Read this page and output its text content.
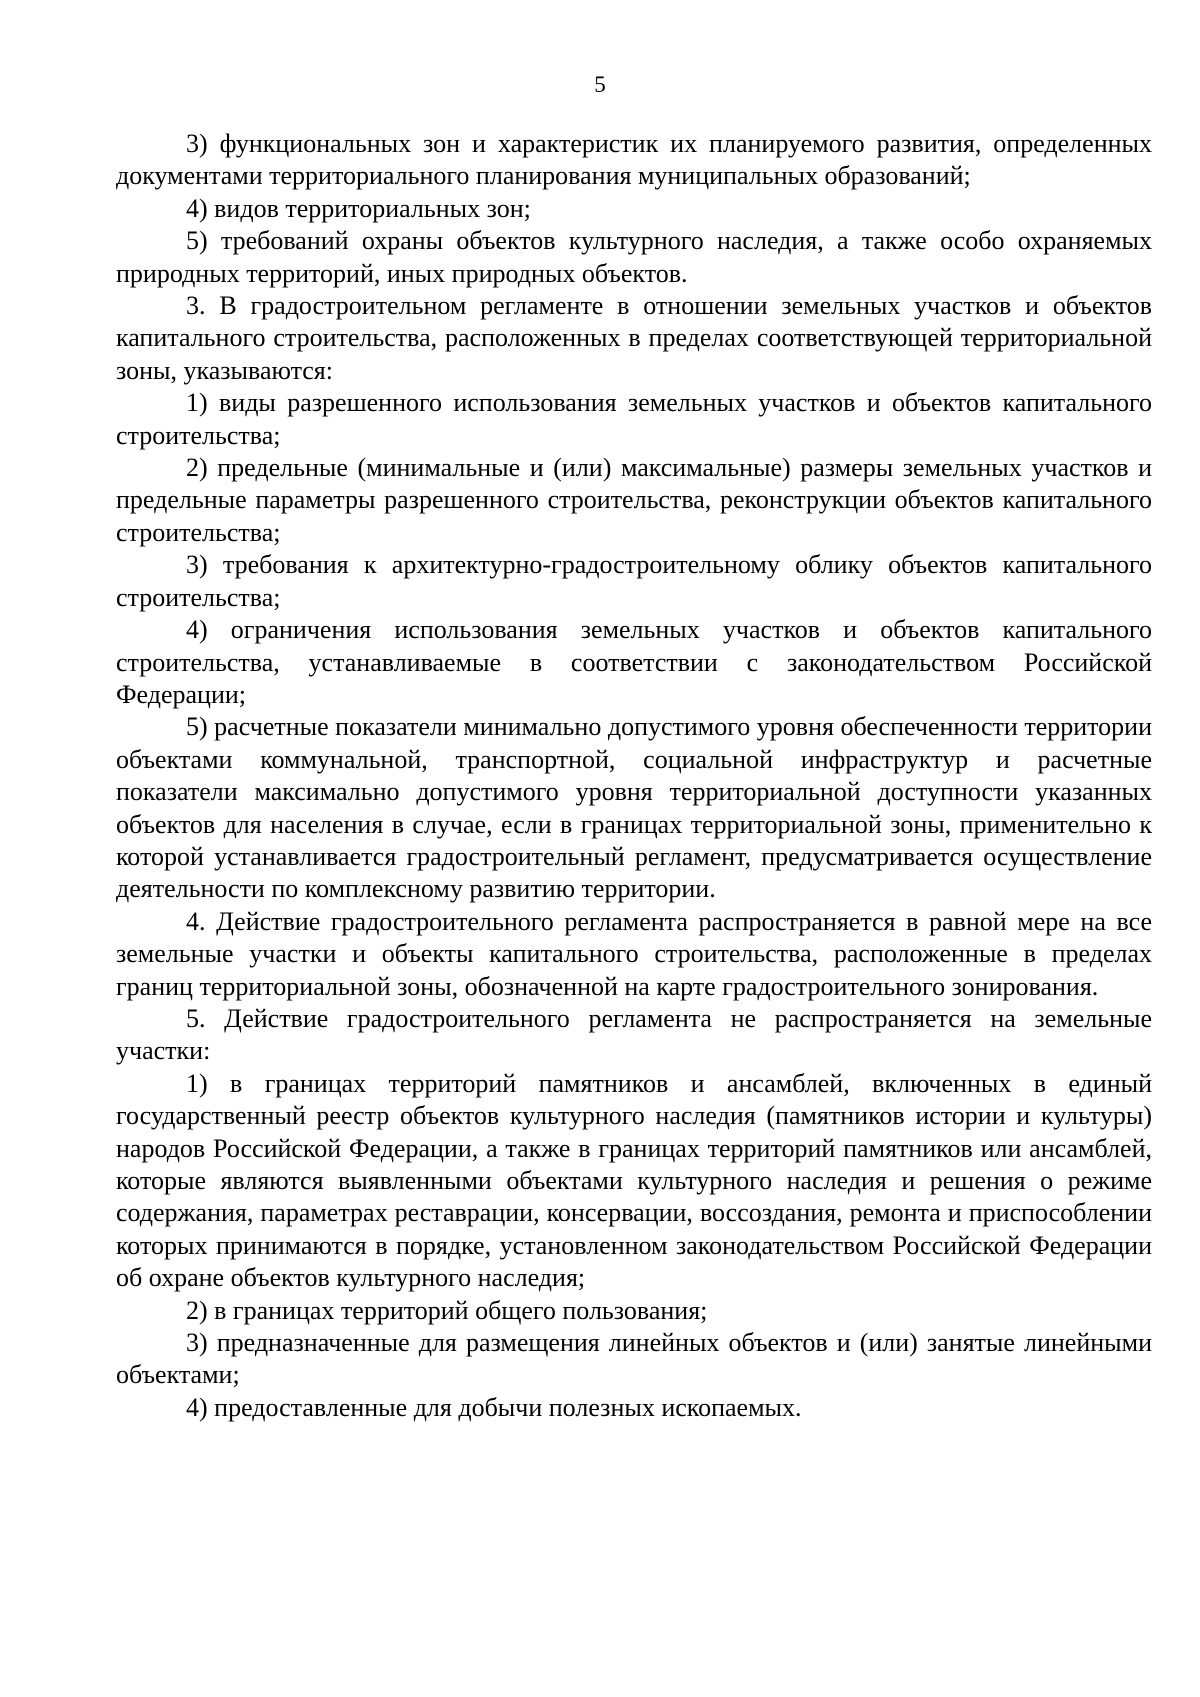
5

3) функциональных зон и характеристик их планируемого развития, определенных документами территориального планирования муниципальных образований;

4) видов территориальных зон;

5) требований охраны объектов культурного наследия, а также особо охраняемых природных территорий, иных природных объектов.

3. В градостроительном регламенте в отношении земельных участков и объектов капитального строительства, расположенных в пределах соответствующей территориальной зоны, указываются:

1) виды разрешенного использования земельных участков и объектов капитального строительства;

2) предельные (минимальные и (или) максимальные) размеры земельных участков и предельные параметры разрешенного строительства, реконструкции объектов капитального строительства;

3) требования к архитектурно-градостроительному облику объектов капитального строительства;

4) ограничения использования земельных участков и объектов капитального строительства, устанавливаемые в соответствии с законодательством Российской Федерации;

5) расчетные показатели минимально допустимого уровня обеспеченности территории объектами коммунальной, транспортной, социальной инфраструктур и расчетные показатели максимально допустимого уровня территориальной доступности указанных объектов для населения в случае, если в границах территориальной зоны, применительно к которой устанавливается градостроительный регламент, предусматривается осуществление деятельности по комплексному развитию территории.

4. Действие градостроительного регламента распространяется в равной мере на все земельные участки и объекты капитального строительства, расположенные в пределах границ территориальной зоны, обозначенной на карте градостроительного зонирования.

5. Действие градостроительного регламента не распространяется на земельные участки:

1) в границах территорий памятников и ансамблей, включенных в единый государственный реестр объектов культурного наследия (памятников истории и культуры) народов Российской Федерации, а также в границах территорий памятников или ансамблей, которые являются выявленными объектами культурного наследия и решения о режиме содержания, параметрах реставрации, консервации, воссоздания, ремонта и приспособлении которых принимаются в порядке, установленном законодательством Российской Федерации об охране объектов культурного наследия;

2) в границах территорий общего пользования;

3) предназначенные для размещения линейных объектов и (или) занятые линейными объектами;

4) предоставленные для добычи полезных ископаемых.
